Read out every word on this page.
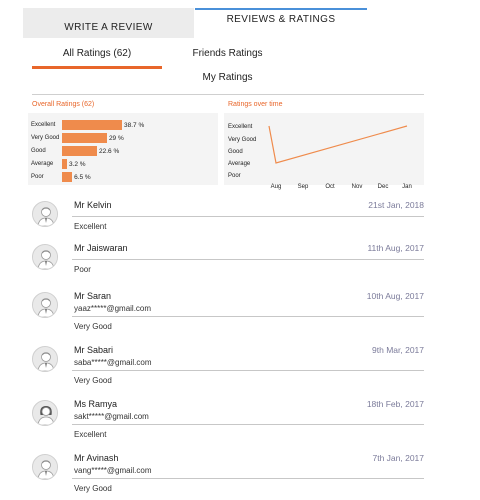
WRITE A REVIEW
REVIEWS & RATINGS
All Ratings (62)	Friends Ratings
My Ratings
Overall Ratings (62)	Ratings over time
Excellent	38.7 %
Very Good	29 %
Good	22.6 %
Average 3.2 %
Poor	6.5 %
Excellent
Very Good
Good
Average
Poor
Aug	Sep	Oct	Nov	Dec Jan
Mr Kelvin	21st Jan, 2018
Excellent
Mr Jaiswaran	11th Aug, 2017
Poor
Mr Saran	10th Aug, 2017
yaaz*****@gmail.com
Very Good
Mr Sabari	9th Mar, 2017
saba*****@gmail.com
Very Good
Ms Ramya	18th Feb, 2017
sakt*****@gmail.com
Excellent
Mr Avinash	7th Jan, 2017
vang*****@gmail.com
Very Good
